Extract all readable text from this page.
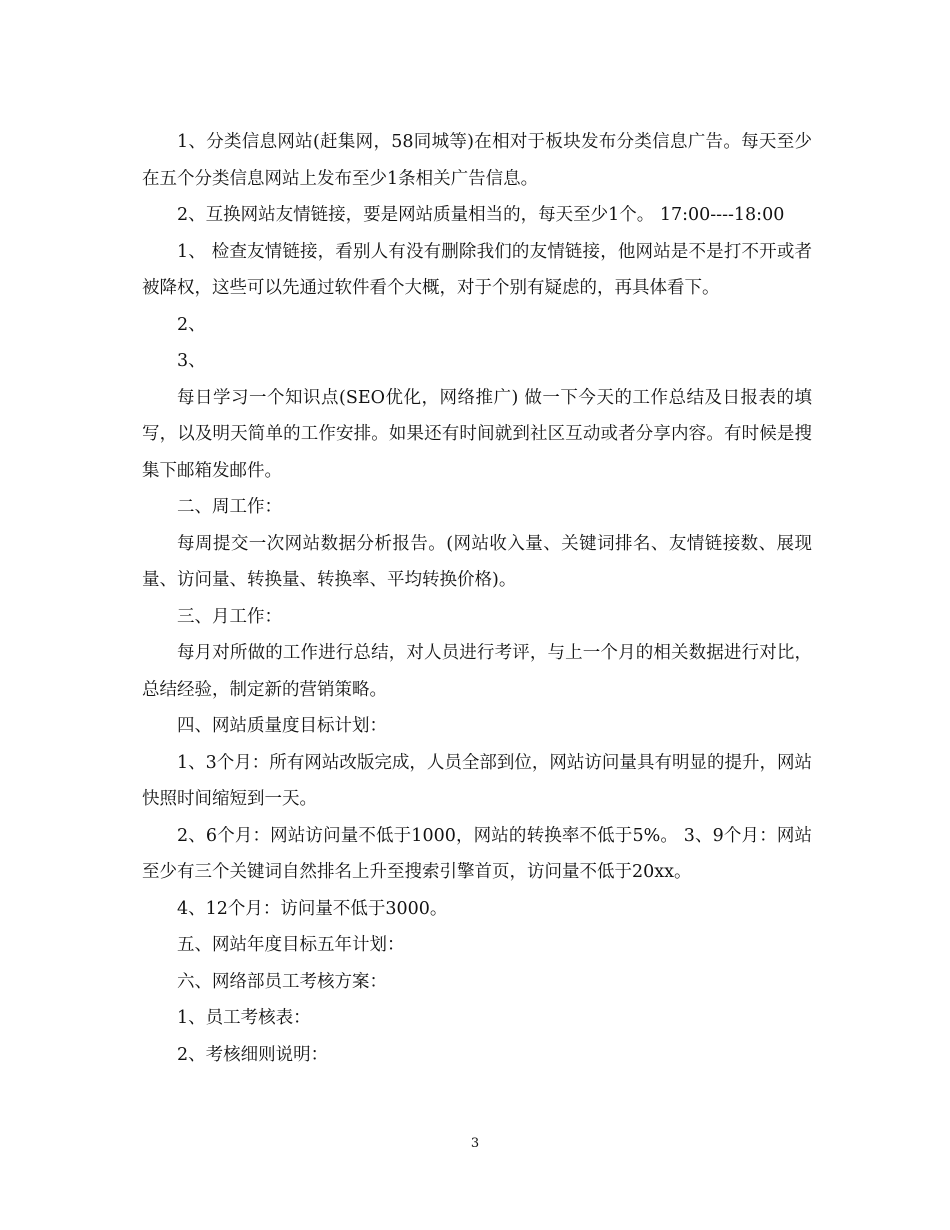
1、分类信息网站(赶集网，58同城等)在相对于板块发布分类信息广告。每天至少在五个分类信息网站上发布至少1条相关广告信息。

2、互换网站友情链接，要是网站质量相当的，每天至少1个。 17:00----18:00

1、 检查友情链接，看别人有没有删除我们的友情链接，他网站是不是打不开或者被降权，这些可以先通过软件看个大概，对于个别有疑虑的，再具体看下。

2、

3、

每日学习一个知识点(SEO优化，网络推广) 做一下今天的工作总结及日报表的填写，以及明天简单的工作安排。如果还有时间就到社区互动或者分享内容。有时候是搜集下邮箱发邮件。

二、周工作：

每周提交一次网站数据分析报告。(网站收入量、关键词排名、友情链接数、展现量、访问量、转换量、转换率、平均转换价格)。

三、月工作：

每月对所做的工作进行总结，对人员进行考评，与上一个月的相关数据进行对比，总结经验，制定新的营销策略。

四、网站质量度目标计划：

1、3个月：所有网站改版完成，人员全部到位，网站访问量具有明显的提升，网站快照时间缩短到一天。

2、6个月：网站访问量不低于1000，网站的转换率不低于5%。 3、9个月：网站至少有三个关键词自然排名上升至搜索引擎首页，访问量不低于20xx。

4、12个月：访问量不低于3000。

五、网站年度目标五年计划：

六、网络部员工考核方案：

1、员工考核表：

2、考核细则说明：

3
